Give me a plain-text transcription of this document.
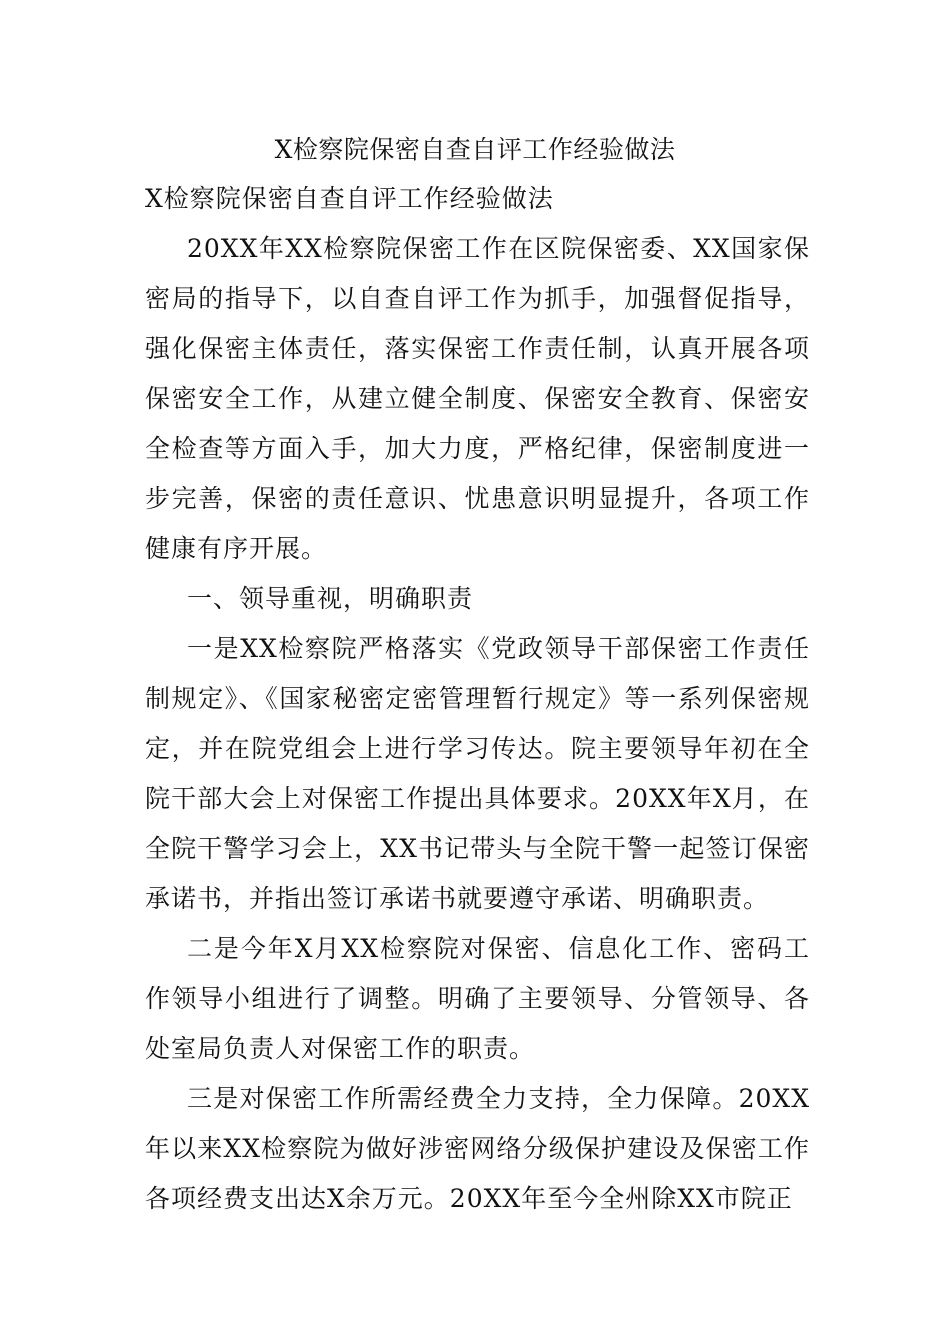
X检察院保密自查自评工作经验做法

X检察院保密自查自评工作经验做法

20XX年XX检察院保密工作在区院保密委、XX国家保密局的指导下，以自查自评工作为抓手，加强督促指导，强化保密主体责任，落实保密工作责任制，认真开展各项保密安全工作，从建立健全制度、保密安全教育、保密安全检查等方面入手，加大力度，严格纪律，保密制度进一步完善，保密的责任意识、忧患意识明显提升，各项工作健康有序开展。

一、领导重视，明确职责

一是XX检察院严格落实《党政领导干部保密工作责任制规定》、《国家秘密定密管理暂行规定》等一系列保密规定，并在院党组会上进行学习传达。院主要领导年初在全院干部大会上对保密工作提出具体要求。20XX年X月，在全院干警学习会上，XX书记带头与全院干警一起签订保密承诺书，并指出签订承诺书就要遵守承诺、明确职责。

二是今年X月XX检察院对保密、信息化工作、密码工作领导小组进行了调整。明确了主要领导、分管领导、各处室局负责人对保密工作的职责。

三是对保密工作所需经费全力支持，全力保障。20XX年以来XX检察院为做好涉密网络分级保护建设及保密工作各项经费支出达X余万元。20XX年至今全州除XX市院正
